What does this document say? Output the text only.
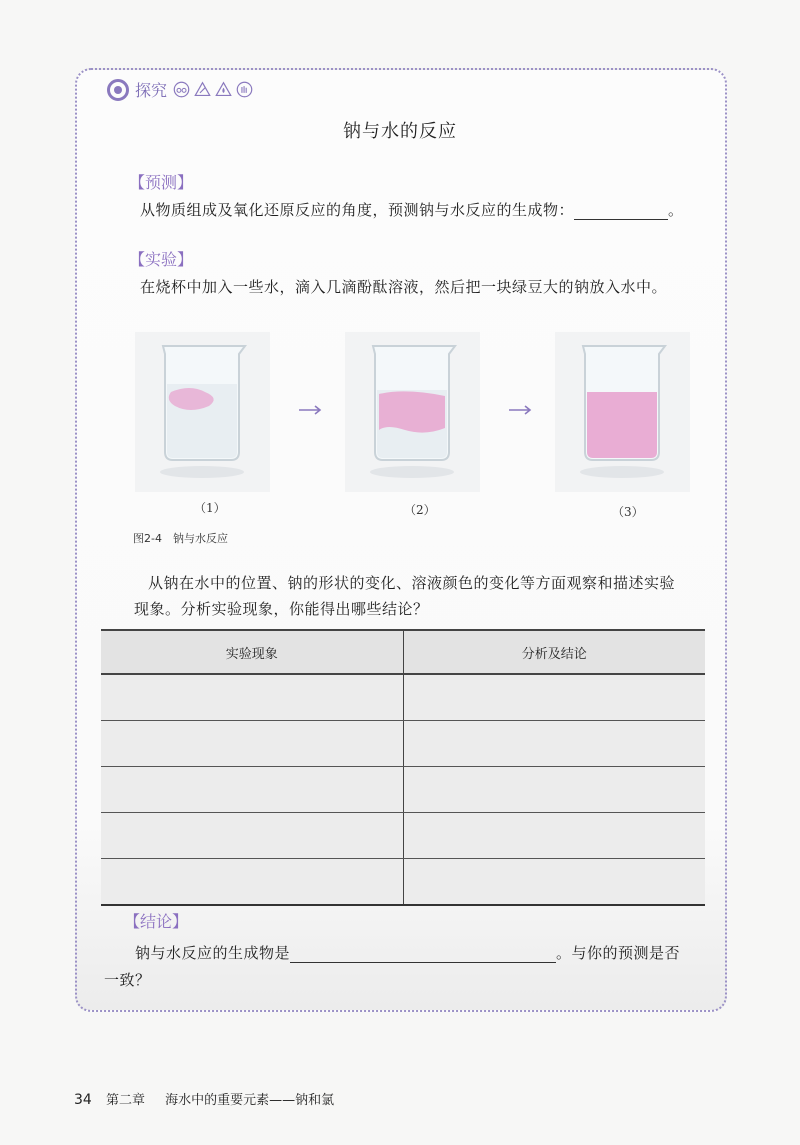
探究
钠与水的反应
【预测】
从物质组成及氧化还原反应的角度，预测钠与水反应的生成物：	。
【实验】
在烧杯中加入一些水，滴入几滴酚酞溶液，然后把一块绿豆大的钠放入水中。
（1）	（2）	（3）
图2-4　钠与水反应
从钠在水中的位置、钠的形状的变化、溶液颜色的变化等方面观察和描述实验
现象。分析实验现象，你能得出哪些结论？
实验现象	分析及结论

【结论】
钠与水反应的生成物是	。与你的预测是否
一致？
34 第二章 海水中的重要元素——钠和氯
